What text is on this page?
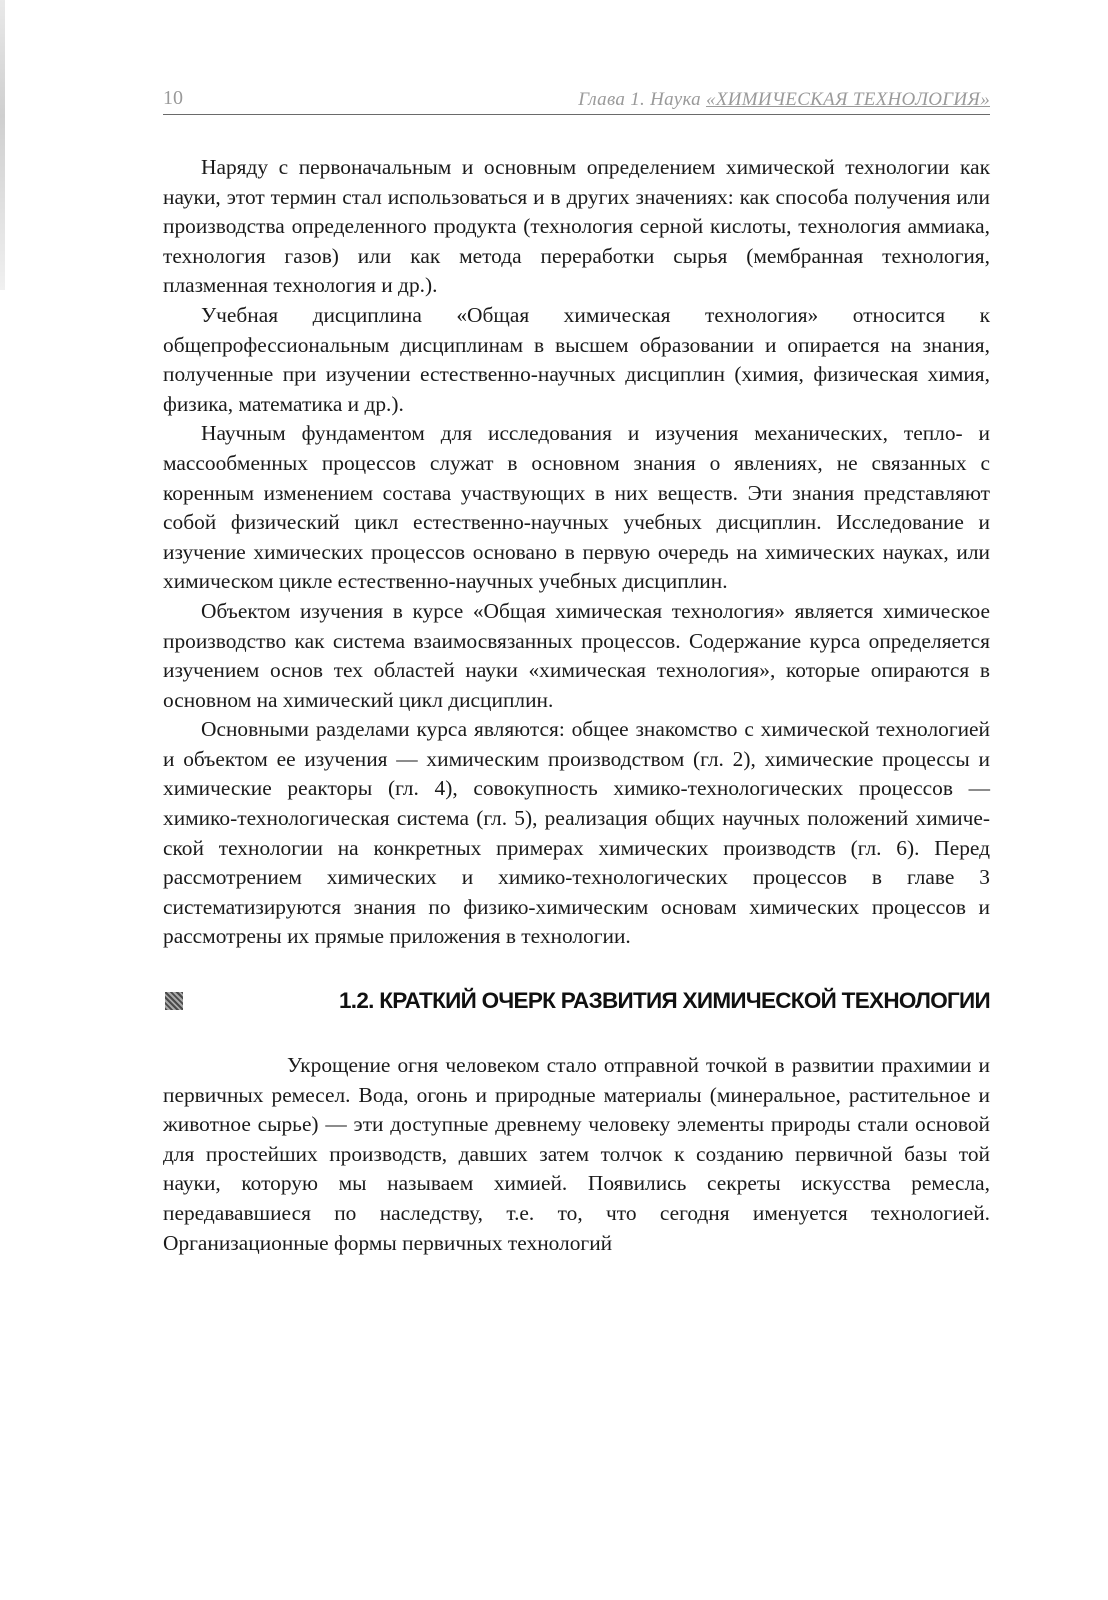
10	Глава 1. Наука «ХИМИЧЕСКАЯ ТЕХНОЛОГИЯ»

Наряду с первоначальным и основным определением химической технологии как науки, этот термин стал использоваться и в других значениях: как способа получения или производства определенного продукта (технология серной кислоты, технология аммиака, технология газов) или как метода переработки сырья (мембранная технология, плазменная технология и др.).

Учебная дисциплина «Общая химическая технология» относится к общепрофессиональным дисциплинам в высшем образовании и опирается на знания, полученные при изучении естественно-научных дисциплин (химия, физическая химия, физика, математика и др.).

Научным фундаментом для исследования и изучения механических, тепло- и массообменных процессов служат в основном знания о явлениях, не связанных с коренным изменением состава участвующих в них веществ. Эти знания представляют собой физический цикл естественно-научных учебных дисциплин. Исследование и изучение химических процессов основано в первую очередь на химических науках, или химическом цикле естественно-научных учебных дисциплин.

Объектом изучения в курсе «Общая химическая технология» является химическое производство как система взаимосвязанных процессов. Содержание курса определяется изучением основ тех областей науки «химическая технология», которые опираются в основном на химический цикл дисциплин.

Основными разделами курса являются: общее знакомство с химической технологией и объектом ее изучения — химическим производством (гл. 2), химические процессы и химические реакторы (гл. 4), совокупность химико-технологических процессов — химико-технологическая система (гл. 5), реализация общих научных положений химической технологии на конкретных примерах химических производств (гл. 6). Перед рассмотрением химических и химико-технологических процессов в главе 3 систематизируются знания по физико-химическим основам химических процессов и рассмотрены их прямые приложения в технологии.

1.2. КРАТКИЙ ОЧЕРК РАЗВИТИЯ ХИМИЧЕСКОЙ ТЕХНОЛОГИИ

Укрощение огня человеком стало отправной точкой в развитии прахимии и первичных ремесел. Вода, огонь и природные материалы (минеральное, растительное и животное сырье) — эти доступные древнему человеку элементы природы стали основой для простейших производств, давших затем толчок к созданию первичной базы той науки, которую мы называем химией. Появились секреты искусства ремесла, передававшиеся по наследству, т.е. то, что сегодня именуется технологией. Организационные формы первичных технологий
